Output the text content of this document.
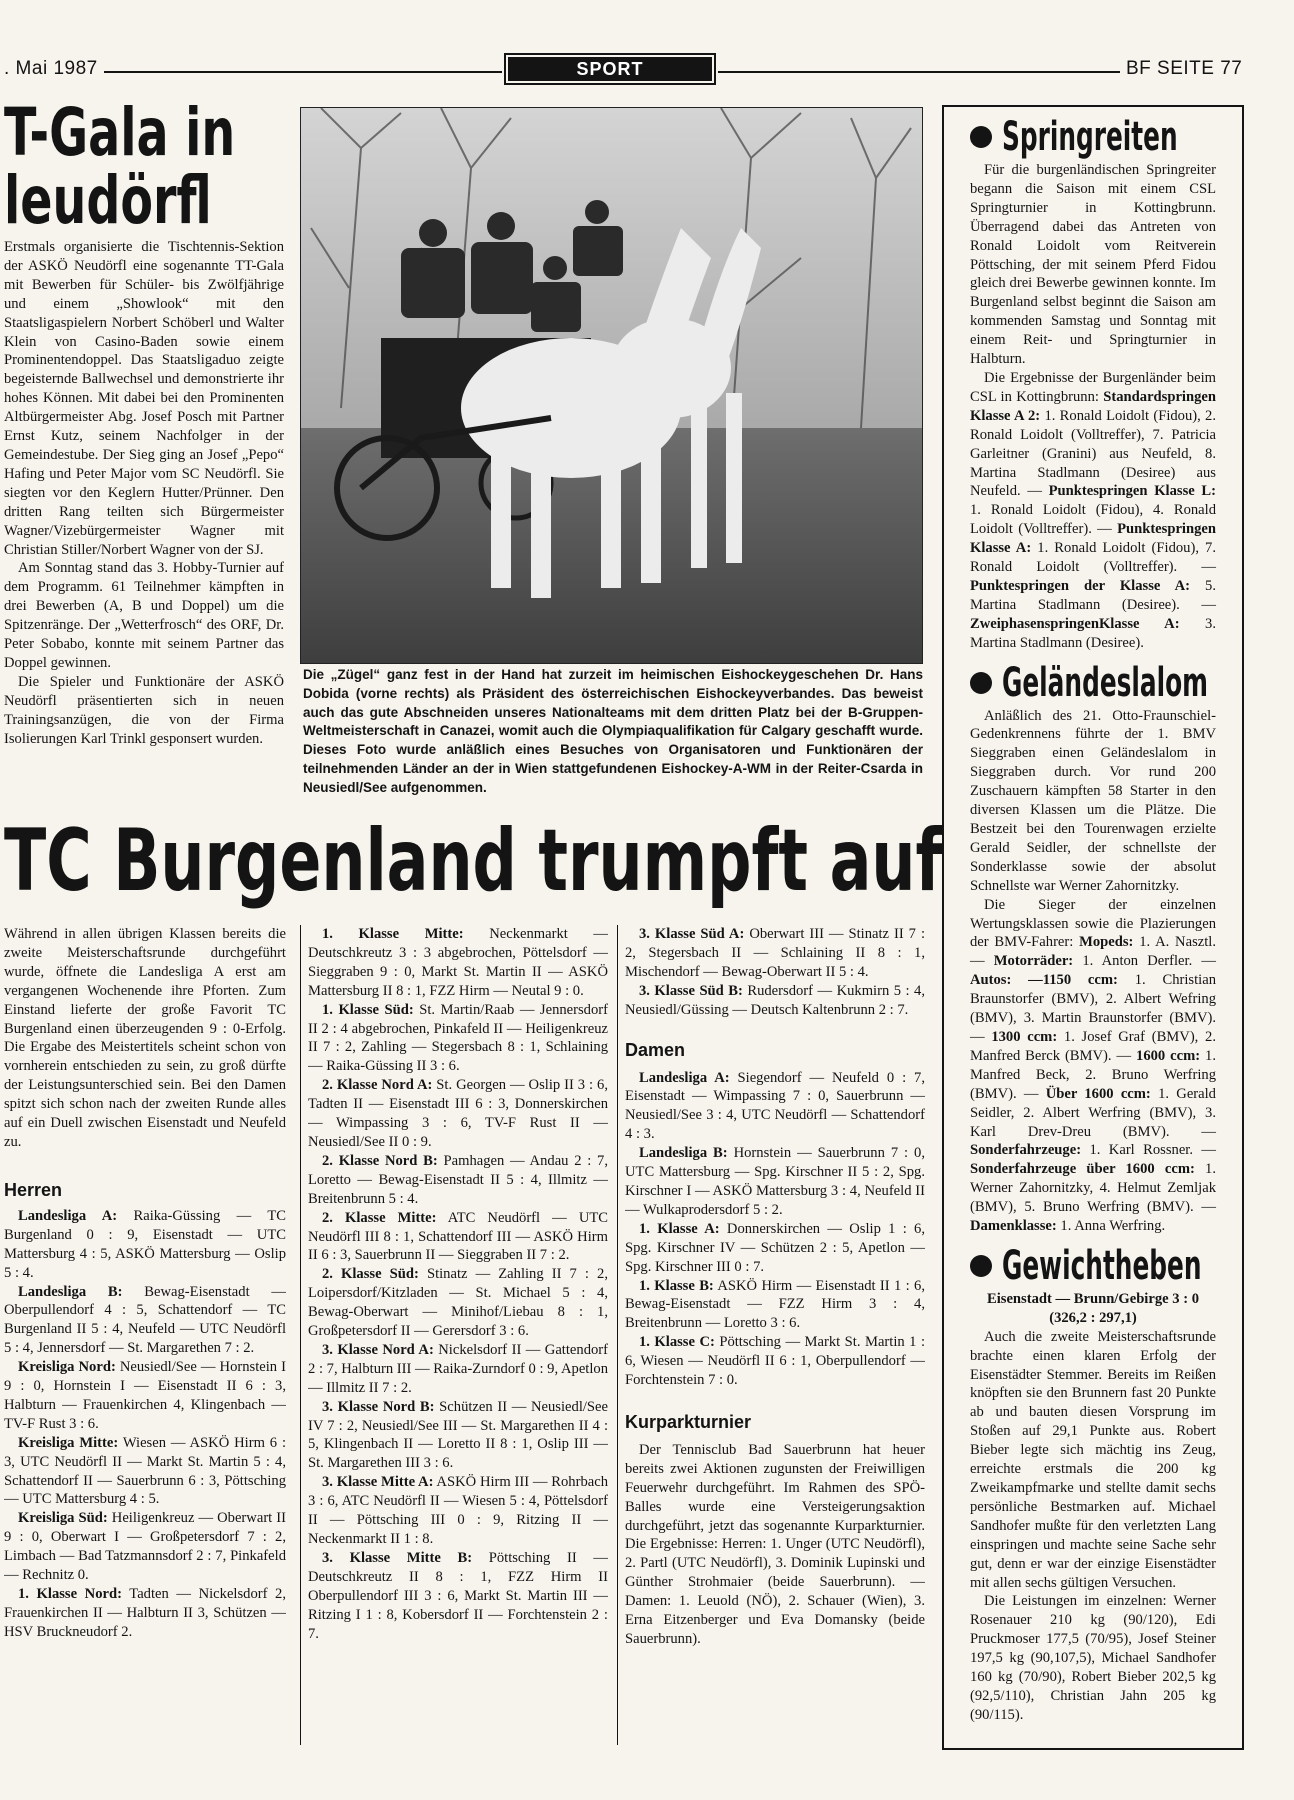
. Mai 1987	SPORT	BF SEITE 77
T-Gala in
leudörfl

Erstmals organisierte die Tischtennis-Sektion der ASKÖ Neudörfl eine sogenannte TT-Gala mit Bewerben für Schüler- bis Zwölfjährige und einem „Showlook“ mit den Staatsligaspielern Norbert Schöberl und Walter Klein von Casino-Baden sowie einem Prominentendoppel. Das Staatsligaduo zeigte begeisternde Ballwechsel und demonstrierte ihr hohes Können. Mit dabei bei den Prominenten Altbürgermeister Abg. Josef Posch mit Partner Ernst Kutz, seinem Nachfolger in der Gemeindestube. Der Sieg ging an Josef „Pepo“ Hafing und Peter Major vom SC Neudörfl. Sie siegten vor den Keglern Hutter/Prünner. Den dritten Rang teilten sich Bürgermeister Wagner/Vizebürgermeister Wagner mit Christian Stiller/Norbert Wagner von der SJ.

Am Sonntag stand das 3. Hobby-Turnier auf dem Programm. 61 Teilnehmer kämpften in drei Bewerben (A, B und Doppel) um die Spitzenränge. Der „Wetterfrosch“ des ORF, Dr. Peter Sobabo, konnte mit seinem Partner das Doppel gewinnen.

Die Spieler und Funktionäre der ASKÖ Neudörfl präsentierten sich in neuen Trainingsanzügen, die von der Firma Isolierungen Karl Trinkl gesponsert wurden.

Die „Zügel“ ganz fest in der Hand hat zurzeit im heimischen Eishockeygeschehen Dr. Hans Dobida (vorne rechts) als Präsident des österreichischen Eishockeyverbandes. Das beweist auch das gute Abschneiden unseres Nationalteams mit dem dritten Platz bei der B-Gruppen-Weltmeisterschaft in Canazei, womit auch die Olympiaqualifikation für Calgary geschafft wurde. Dieses Foto wurde anläßlich eines Besuches von Organisatoren und Funktionären der teilnehmenden Länder an der in Wien stattgefundenen Eishockey-A-WM in der Reiter-Csarda in Neusiedl/See aufgenommen.
TC Burgenland trumpft auf

Während in allen übrigen Klassen bereits die zweite Meisterschaftsrunde durchgeführt wurde, öffnete die Landesliga A erst am vergangenen Wochenende ihre Pforten. Zum Einstand lieferte der große Favorit TC Burgenland einen überzeugenden 9 : 0-Erfolg. Die Ergabe des Meistertitels scheint schon von vornherein entschieden zu sein, zu groß dürfte der Leistungsunterschied sein. Bei den Damen spitzt sich schon nach der zweiten Runde alles auf ein Duell zwischen Eisenstadt und Neufeld zu.

Herren

Landesliga A: Raika-Güssing — TC Burgenland 0 : 9, Eisenstadt — UTC Mattersburg 4 : 5, ASKÖ Mattersburg — Oslip 5 : 4.

Landesliga B: Bewag-Eisenstadt — Oberpullendorf 4 : 5, Schattendorf — TC Burgenland II 5 : 4, Neufeld — UTC Neudörfl 5 : 4, Jennersdorf — St. Margarethen 7 : 2.

Kreisliga Nord: Neusiedl/See — Hornstein I 9 : 0, Hornstein I — Eisenstadt II 6 : 3, Halbturn — Frauenkirchen 4, Klingenbach — TV-F Rust 3 : 6.

Kreisliga Mitte: Wiesen — ASKÖ Hirm 6 : 3, UTC Neudörfl II — Markt St. Martin 5 : 4, Schattendorf II — Sauerbrunn 6 : 3, Pöttsching — UTC Mattersburg 4 : 5.

Kreisliga Süd: Heiligenkreuz — Oberwart II 9 : 0, Oberwart I — Großpetersdorf 7 : 2, Limbach — Bad Tatzmannsdorf 2 : 7, Pinkafeld — Rechnitz 0.

1. Klasse Nord: Tadten — Nickelsdorf 2, Frauenkirchen II — Halbturn II 3, Schützen — HSV Bruckneudorf 2.

1. Klasse Mitte: Neckenmarkt — Deutschkreutz 3 : 3 abgebrochen, Pöttelsdorf — Sieggraben 9 : 0, Markt St. Martin II — ASKÖ Mattersburg II 8 : 1, FZZ Hirm — Neutal 9 : 0.

1. Klasse Süd: St. Martin/Raab — Jennersdorf II 2 : 4 abgebrochen, Pinkafeld II — Heiligenkreuz II 7 : 2, Zahling — Stegersbach 8 : 1, Schlaining — Raika-Güssing II 3 : 6.

2. Klasse Nord A: St. Georgen — Oslip II 3 : 6, Tadten II — Eisenstadt III 6 : 3, Donnerskirchen — Wimpassing 3 : 6, TV-F Rust II — Neusiedl/See II 0 : 9.

2. Klasse Nord B: Pamhagen — Andau 2 : 7, Loretto — Bewag-Eisenstadt II 5 : 4, Illmitz — Breitenbrunn 5 : 4.

2. Klasse Mitte: ATC Neudörfl — UTC Neudörfl III 8 : 1, Schattendorf III — ASKÖ Hirm II 6 : 3, Sauerbrunn II — Sieggraben II 7 : 2.

2. Klasse Süd: Stinatz — Zahling II 7 : 2, Loipersdorf/Kitzladen — St. Michael 5 : 4, Bewag-Oberwart — Minihof/Liebau 8 : 1, Großpetersdorf II — Gerersdorf 3 : 6.

3. Klasse Nord A: Nickelsdorf II — Gattendorf 2 : 7, Halbturn III — Raika-Zurndorf 0 : 9, Apetlon — Illmitz II 7 : 2.

3. Klasse Nord B: Schützen II — Neusiedl/See IV 7 : 2, Neusiedl/See III — St. Margarethen II 4 : 5, Klingenbach II — Loretto II 8 : 1, Oslip III — St. Margarethen III 3 : 6.

3. Klasse Mitte A: ASKÖ Hirm III — Rohrbach 3 : 6, ATC Neudörfl II — Wiesen 5 : 4, Pöttelsdorf II — Pöttsching III 0 : 9, Ritzing II — Neckenmarkt II 1 : 8.

3. Klasse Mitte B: Pöttsching II — Deutschkreutz II 8 : 1, FZZ Hirm II Oberpullendorf III 3 : 6, Markt St. Martin III — Ritzing I 1 : 8, Kobersdorf II — Forchtenstein 2 : 7.

3. Klasse Süd A: Oberwart III — Stinatz II 7 : 2, Stegersbach II — Schlaining II 8 : 1, Mischendorf — Bewag-Oberwart II 5 : 4.

3. Klasse Süd B: Rudersdorf — Kukmirn 5 : 4, Neusiedl/Güssing — Deutsch Kaltenbrunn 2 : 7.

Damen

Landesliga A: Siegendorf — Neufeld 0 : 7, Eisenstadt — Wimpassing 7 : 0, Sauerbrunn — Neusiedl/See 3 : 4, UTC Neudörfl — Schattendorf 4 : 3.

Landesliga B: Hornstein — Sauerbrunn 7 : 0, UTC Mattersburg — Spg. Kirschner II 5 : 2, Spg. Kirschner I — ASKÖ Mattersburg 3 : 4, Neufeld II — Wulkaprodersdorf 5 : 2.

1. Klasse A: Donnerskirchen — Oslip 1 : 6, Spg. Kirschner IV — Schützen 2 : 5, Apetlon — Spg. Kirschner III 0 : 7.

1. Klasse B: ASKÖ Hirm — Eisenstadt II 1 : 6, Bewag-Eisenstadt — FZZ Hirm 3 : 4, Breitenbrunn — Loretto 3 : 6.

1. Klasse C: Pöttsching — Markt St. Martin 1 : 6, Wiesen — Neudörfl II 6 : 1, Oberpullendorf — Forchtenstein 7 : 0.

Kurparkturnier

Der Tennisclub Bad Sauerbrunn hat heuer bereits zwei Aktionen zugunsten der Freiwilligen Feuerwehr durchgeführt. Im Rahmen des SPÖ-Balles wurde eine Versteigerungsaktion durchgeführt, jetzt das sogenannte Kurparkturnier. Die Ergebnisse: Herren: 1. Unger (UTC Neudörfl), 2. Partl (UTC Neudörfl), 3. Dominik Lupinski und Günther Strohmaier (beide Sauerbrunn). — Damen: 1. Leuold (NÖ), 2. Schauer (Wien), 3. Erna Eitzenberger und Eva Domansky (beide Sauerbrunn).

Springreiten

Für die burgenländischen Springreiter begann die Saison mit einem CSL Springturnier in Kottingbrunn. Überragend dabei das Antreten von Ronald Loidolt vom Reitverein Pöttsching, der mit seinem Pferd Fidou gleich drei Bewerbe gewinnen konnte. Im Burgenland selbst beginnt die Saison am kommenden Samstag und Sonntag mit einem Reit- und Springturnier in Halbturn.

Die Ergebnisse der Burgenländer beim CSL in Kottingbrunn: Standardspringen Klasse A 2: 1. Ronald Loidolt (Fidou), 2. Ronald Loidolt (Volltreffer), 7. Patricia Garleitner (Granini) aus Neufeld, 8. Martina Stadlmann (Desiree) aus Neufeld. — Punktespringen Klasse L: 1. Ronald Loidolt (Fidou), 4. Ronald Loidolt (Volltreffer). — Punktespringen Klasse A: 1. Ronald Loidolt (Fidou), 7. Ronald Loidolt (Volltreffer). — Punktespringen der Klasse A: 5. Martina Stadlmann (Desiree). — ZweiphasenspringenKlasse A: 3. Martina Stadlmann (Desiree).

Geländeslalom

Anläßlich des 21. Otto-Fraunschiel-Gedenkrennens führte der 1. BMV Sieggraben einen Geländeslalom in Sieggraben durch. Vor rund 200 Zuschauern kämpften 58 Starter in den diversen Klassen um die Plätze. Die Bestzeit bei den Tourenwagen erzielte Gerald Seidler, der schnellste der Sonderklasse sowie der absolut Schnellste war Werner Zahornitzky.

Die Sieger der einzelnen Wertungsklassen sowie die Plazierungen der BMV-Fahrer: Mopeds: 1. A. Nasztl. — Motorräder: 1. Anton Derfler. — Autos: —1150 ccm: 1. Christian Braunstorfer (BMV), 2. Albert Wefring (BMV), 3. Martin Braunstorfer (BMV). — 1300 ccm: 1. Josef Graf (BMV), 2. Manfred Berck (BMV). — 1600 ccm: 1. Manfred Beck, 2. Bruno Werfring (BMV). — Über 1600 ccm: 1. Gerald Seidler, 2. Albert Werfring (BMV), 3. Karl Drev-Dreu (BMV). — Sonderfahrzeuge: 1. Karl Rossner. — Sonderfahrzeuge über 1600 ccm: 1. Werner Zahornitzky, 4. Helmut Zemljak (BMV), 5. Bruno Werfring (BMV). — Damenklasse: 1. Anna Werfring.

Gewichtheben
Eisenstadt — Brunn/Gebirge 3 : 0
(326,2 : 297,1)

Auch die zweite Meisterschaftsrunde brachte einen klaren Erfolg der Eisenstädter Stemmer. Bereits im Reißen knöpften sie den Brunnern fast 20 Punkte ab und bauten diesen Vorsprung im Stoßen auf 29,1 Punkte aus. Robert Bieber legte sich mächtig ins Zeug, erreichte erstmals die 200 kg Zweikampfmarke und stellte damit sechs persönliche Bestmarken auf. Michael Sandhofer mußte für den verletzten Lang einspringen und machte seine Sache sehr gut, denn er war der einzige Eisenstädter mit allen sechs gültigen Versuchen.

Die Leistungen im einzelnen: Werner Rosenauer 210 kg (90/120), Edi Pruckmoser 177,5 (70/95), Josef Steiner 197,5 kg (90,107,5), Michael Sandhofer 160 kg (70/90), Robert Bieber 202,5 kg (92,5/110), Christian Jahn 205 kg (90/115).
